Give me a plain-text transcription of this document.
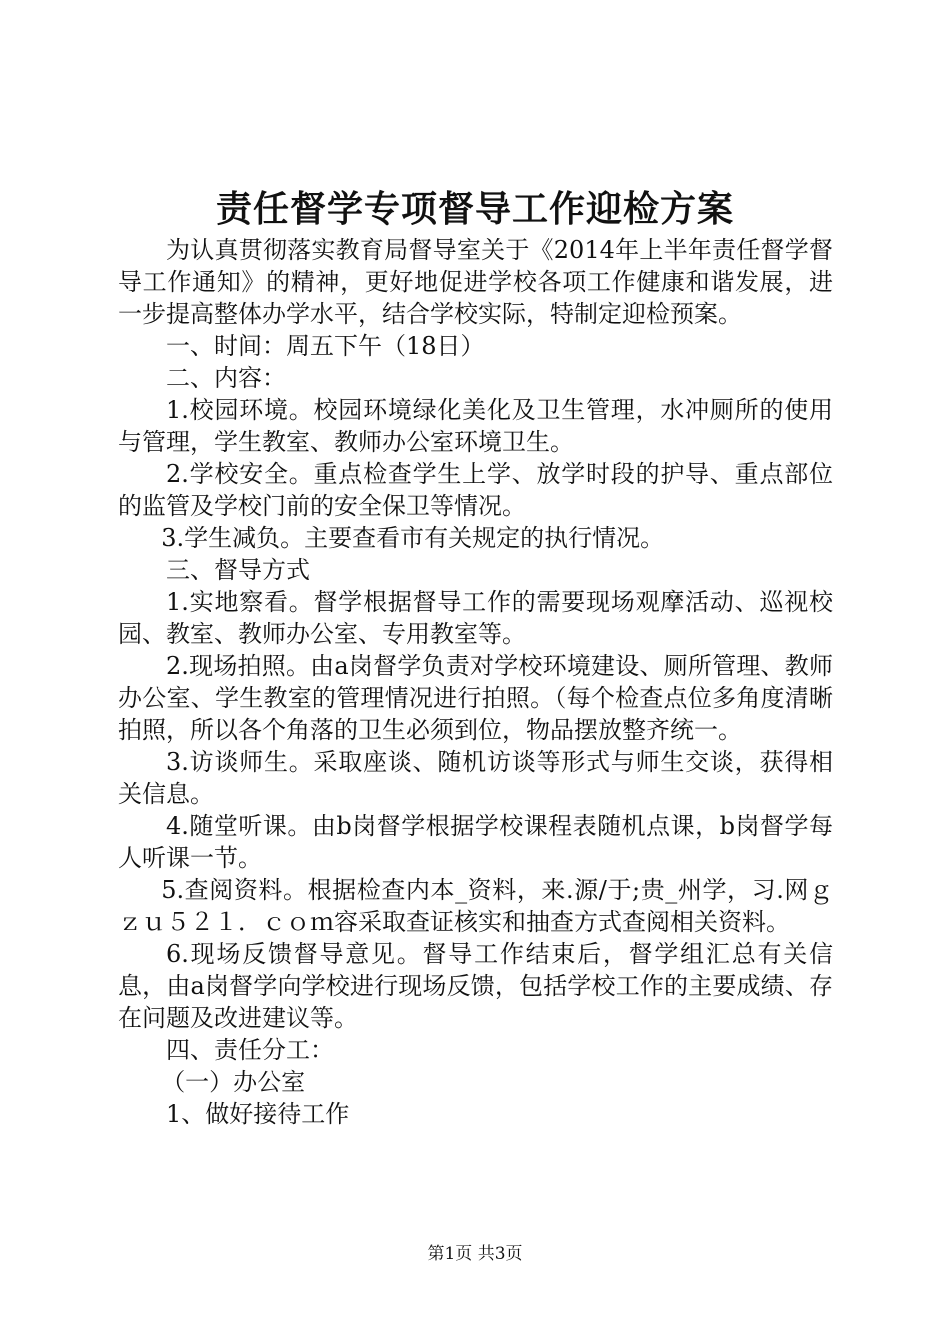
责任督学专项督导工作迎检方案

为认真贯彻落实教育局督导室关于《2014年上半年责任督学督导工作通知》的精神，更好地促进学校各项工作健康和谐发展，进一步提高整体办学水平，结合学校实际，特制定迎检预案。

一、时间：周五下午（18日）

二、内容：

1.校园环境。校园环境绿化美化及卫生管理，水冲厕所的使用与管理，学生教室、教师办公室环境卫生。

2.学校安全。重点检查学生上学、放学时段的护导、重点部位的监管及学校门前的安全保卫等情况。

3.学生减负。主要查看市有关规定的执行情况。

三、督导方式

1.实地察看。督学根据督导工作的需要现场观摩活动、巡视校园、教室、教师办公室、专用教室等。

2.现场拍照。由a岗督学负责对学校环境建设、厕所管理、教师办公室、学生教室的管理情况进行拍照。（每个检查点位多角度清晰拍照，所以各个角落的卫生必须到位，物品摆放整齐统一。

3.访谈师生。采取座谈、随机访谈等形式与师生交谈，获得相关信息。

4.随堂听课。由b岗督学根据学校课程表随机点课，b岗督学每人听课一节。

5.查阅资料。根据检查内本_资料，来.源/于;贵_州学，习.网ｇｚｕ５２１．ｃｏｍ容采取查证核实和抽查方式查阅相关资料。

6.现场反馈督导意见。督导工作结束后，督学组汇总有关信息，由a岗督学向学校进行现场反馈，包括学校工作的主要成绩、存在问题及改进建议等。

四、责任分工：

（一）办公室

1、做好接待工作

第1页 共3页
